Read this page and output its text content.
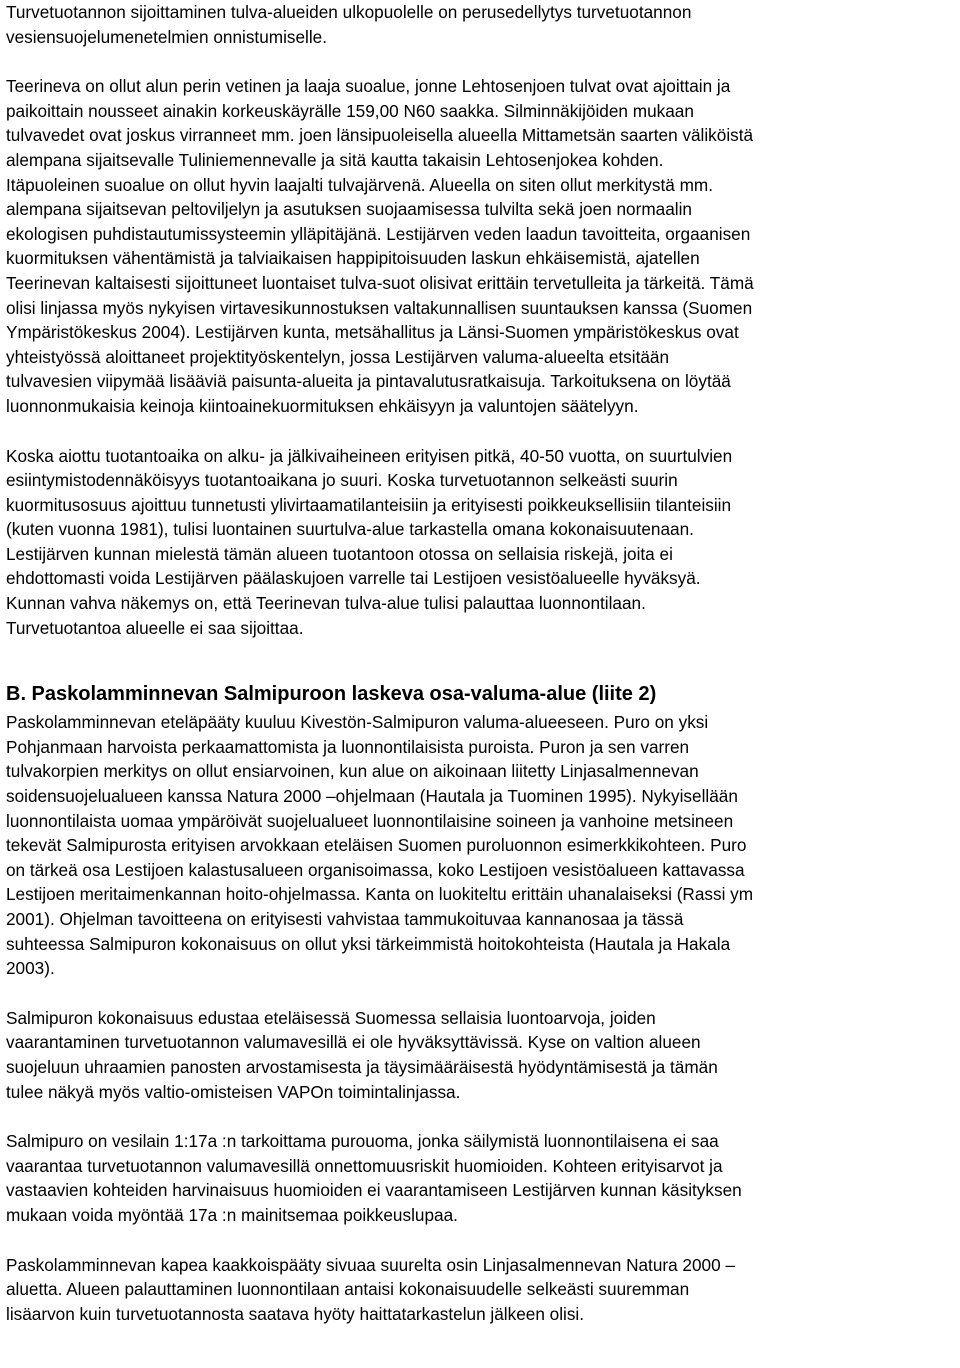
Turvetuotannon sijoittaminen tulva-alueiden ulkopuolelle on perusedellytys turvetuotannon
vesiensuojelumenetelmien onnistumiselle.
Teerineva on ollut alun perin vetinen ja laaja suoalue, jonne Lehtosenjoen tulvat ovat ajoittain ja
paikoittain nousseet ainakin korkeuskäyrälle 159,00 N60 saakka. Silminnäkijöiden mukaan
tulvavedet ovat joskus virranneet mm. joen länsipuoleisella alueella Mittametsän saarten väliköistä
alempana sijaitsevalle Tuliniemennevalle ja sitä kautta takaisin Lehtosenjokea kohden.
Itäpuoleinen suoalue on ollut hyvin laajalti tulvajärvenä. Alueella on siten ollut merkitystä mm.
alempana sijaitsevan peltoviljelyn ja asutuksen suojaamisessa tulvilta sekä joen normaalin
ekologisen puhdistautumissysteemin ylläpitäjänä. Lestijärven veden laadun tavoitteita, orgaanisen
kuormituksen vähentämistä ja talviaikaisen happipitoisuuden laskun ehkäisemistä, ajatellen
Teerinevan kaltaisesti sijoittuneet luontaiset tulva-suot olisivat erittäin tervetulleita ja tärkeitä. Tämä
olisi linjassa myös nykyisen virtavesikunnostuksen valtakunnallisen suuntauksen kanssa (Suomen
Ympäristökeskus 2004). Lestijärven kunta, metsähallitus ja Länsi-Suomen ympäristökeskus ovat
yhteistyössä aloittaneet projektityöskentelyn, jossa Lestijärven valuma-alueelta etsitään
tulvavesien viipymää lisääviä paisunta-alueita ja pintavalutusratkaisuja. Tarkoituksena on löytää
luonnonmukaisia keinoja kiintoainekuormituksen ehkäisyyn ja valuntojen säätelyyn.
Koska aiottu tuotantoaika on alku- ja jälkivaiheineen erityisen pitkä, 40-50 vuotta, on suurtulvien
esiintymistodennäköisyys tuotantoaikana jo suuri. Koska turvetuotannon selkeästi suurin
kuormitusosuus ajoittuu tunnetusti ylivirtaamatilanteisiin ja erityisesti poikkeuksellisiin tilanteisiin
(kuten vuonna 1981), tulisi luontainen suurtulva-alue tarkastella omana kokonaisuutenaan.
Lestijärven kunnan mielestä tämän alueen tuotantoon otossa on sellaisia riskejä, joita ei
ehdottomasti voida Lestijärven päälaskujoen varrelle tai Lestijoen vesistöalueelle hyväksyä.
Kunnan vahva näkemys on, että Teerinevan tulva-alue tulisi palauttaa luonnontilaan.
Turvetuotantoa alueelle ei saa sijoittaa.
B. Paskolamminnevan Salmipuroon laskeva osa-valuma-alue (liite 2)
Paskolamminnevan eteläpääty kuuluu Kivestön-Salmipuron valuma-alueeseen. Puro on yksi
Pohjanmaan harvoista perkaamattomista ja luonnontilaisista puroista. Puron ja sen varren
tulvakorpien merkitys on ollut ensiarvoinen, kun alue on aikoinaan liitetty Linjasalmennevan
soidensuojelualueen kanssa Natura 2000 –ohjelmaan (Hautala ja Tuominen 1995). Nykyisellään
luonnontilaista uomaa ympäröivät suojelualueet luonnontilaisine soineen ja vanhoine metsineen
tekevät Salmipurosta erityisen arvokkaan eteläisen Suomen puroluonnon esimerkkikohteen. Puro
on tärkeä osa Lestijoen kalastusalueen organisoimassa, koko Lestijoen vesistöalueen kattavassa
Lestijoen meritaimenkannan hoito-ohjelmassa. Kanta on luokiteltu erittäin uhanalaiseksi (Rassi ym
2001). Ohjelman tavoitteena on erityisesti vahvistaa tammukoituvaa kannanosaa ja tässä
suhteessa Salmipuron kokonaisuus on ollut yksi tärkeimmistä hoitokohteista (Hautala ja Hakala
2003).
Salmipuron kokonaisuus edustaa eteläisessä Suomessa sellaisia luontoarvoja, joiden
vaarantaminen turvetuotannon valumavesillä ei ole hyväksyttävissä. Kyse on valtion alueen
suojeluun uhraamien panosten arvostamisesta ja täysimääräisestä hyödyntämisestä ja tämän
tulee näkyä myös valtio-omisteisen VAPOn toimintalinjassa.
Salmipuro on vesilain 1:17a :n tarkoittama purouoma, jonka säilymistä luonnontilaisena ei saa
vaarantaa turvetuotannon valumavesillä onnettomuusriskit huomioiden. Kohteen erityisarvot ja
vastaavien kohteiden harvinaisuus huomioiden ei vaarantamiseen Lestijärven kunnan käsityksen
mukaan voida myöntää 17a :n mainitsemaa poikkeuslupaa.
Paskolamminnevan kapea kaakkoispääty sivuaa suurelta osin Linjasalmennevan Natura 2000 –
aluetta. Alueen palauttaminen luonnontilaan antaisi kokonaisuudelle selkeästi suuremman
lisäarvon kuin turvetuotannosta saatava hyöty haittatarkastelun jälkeen olisi.
